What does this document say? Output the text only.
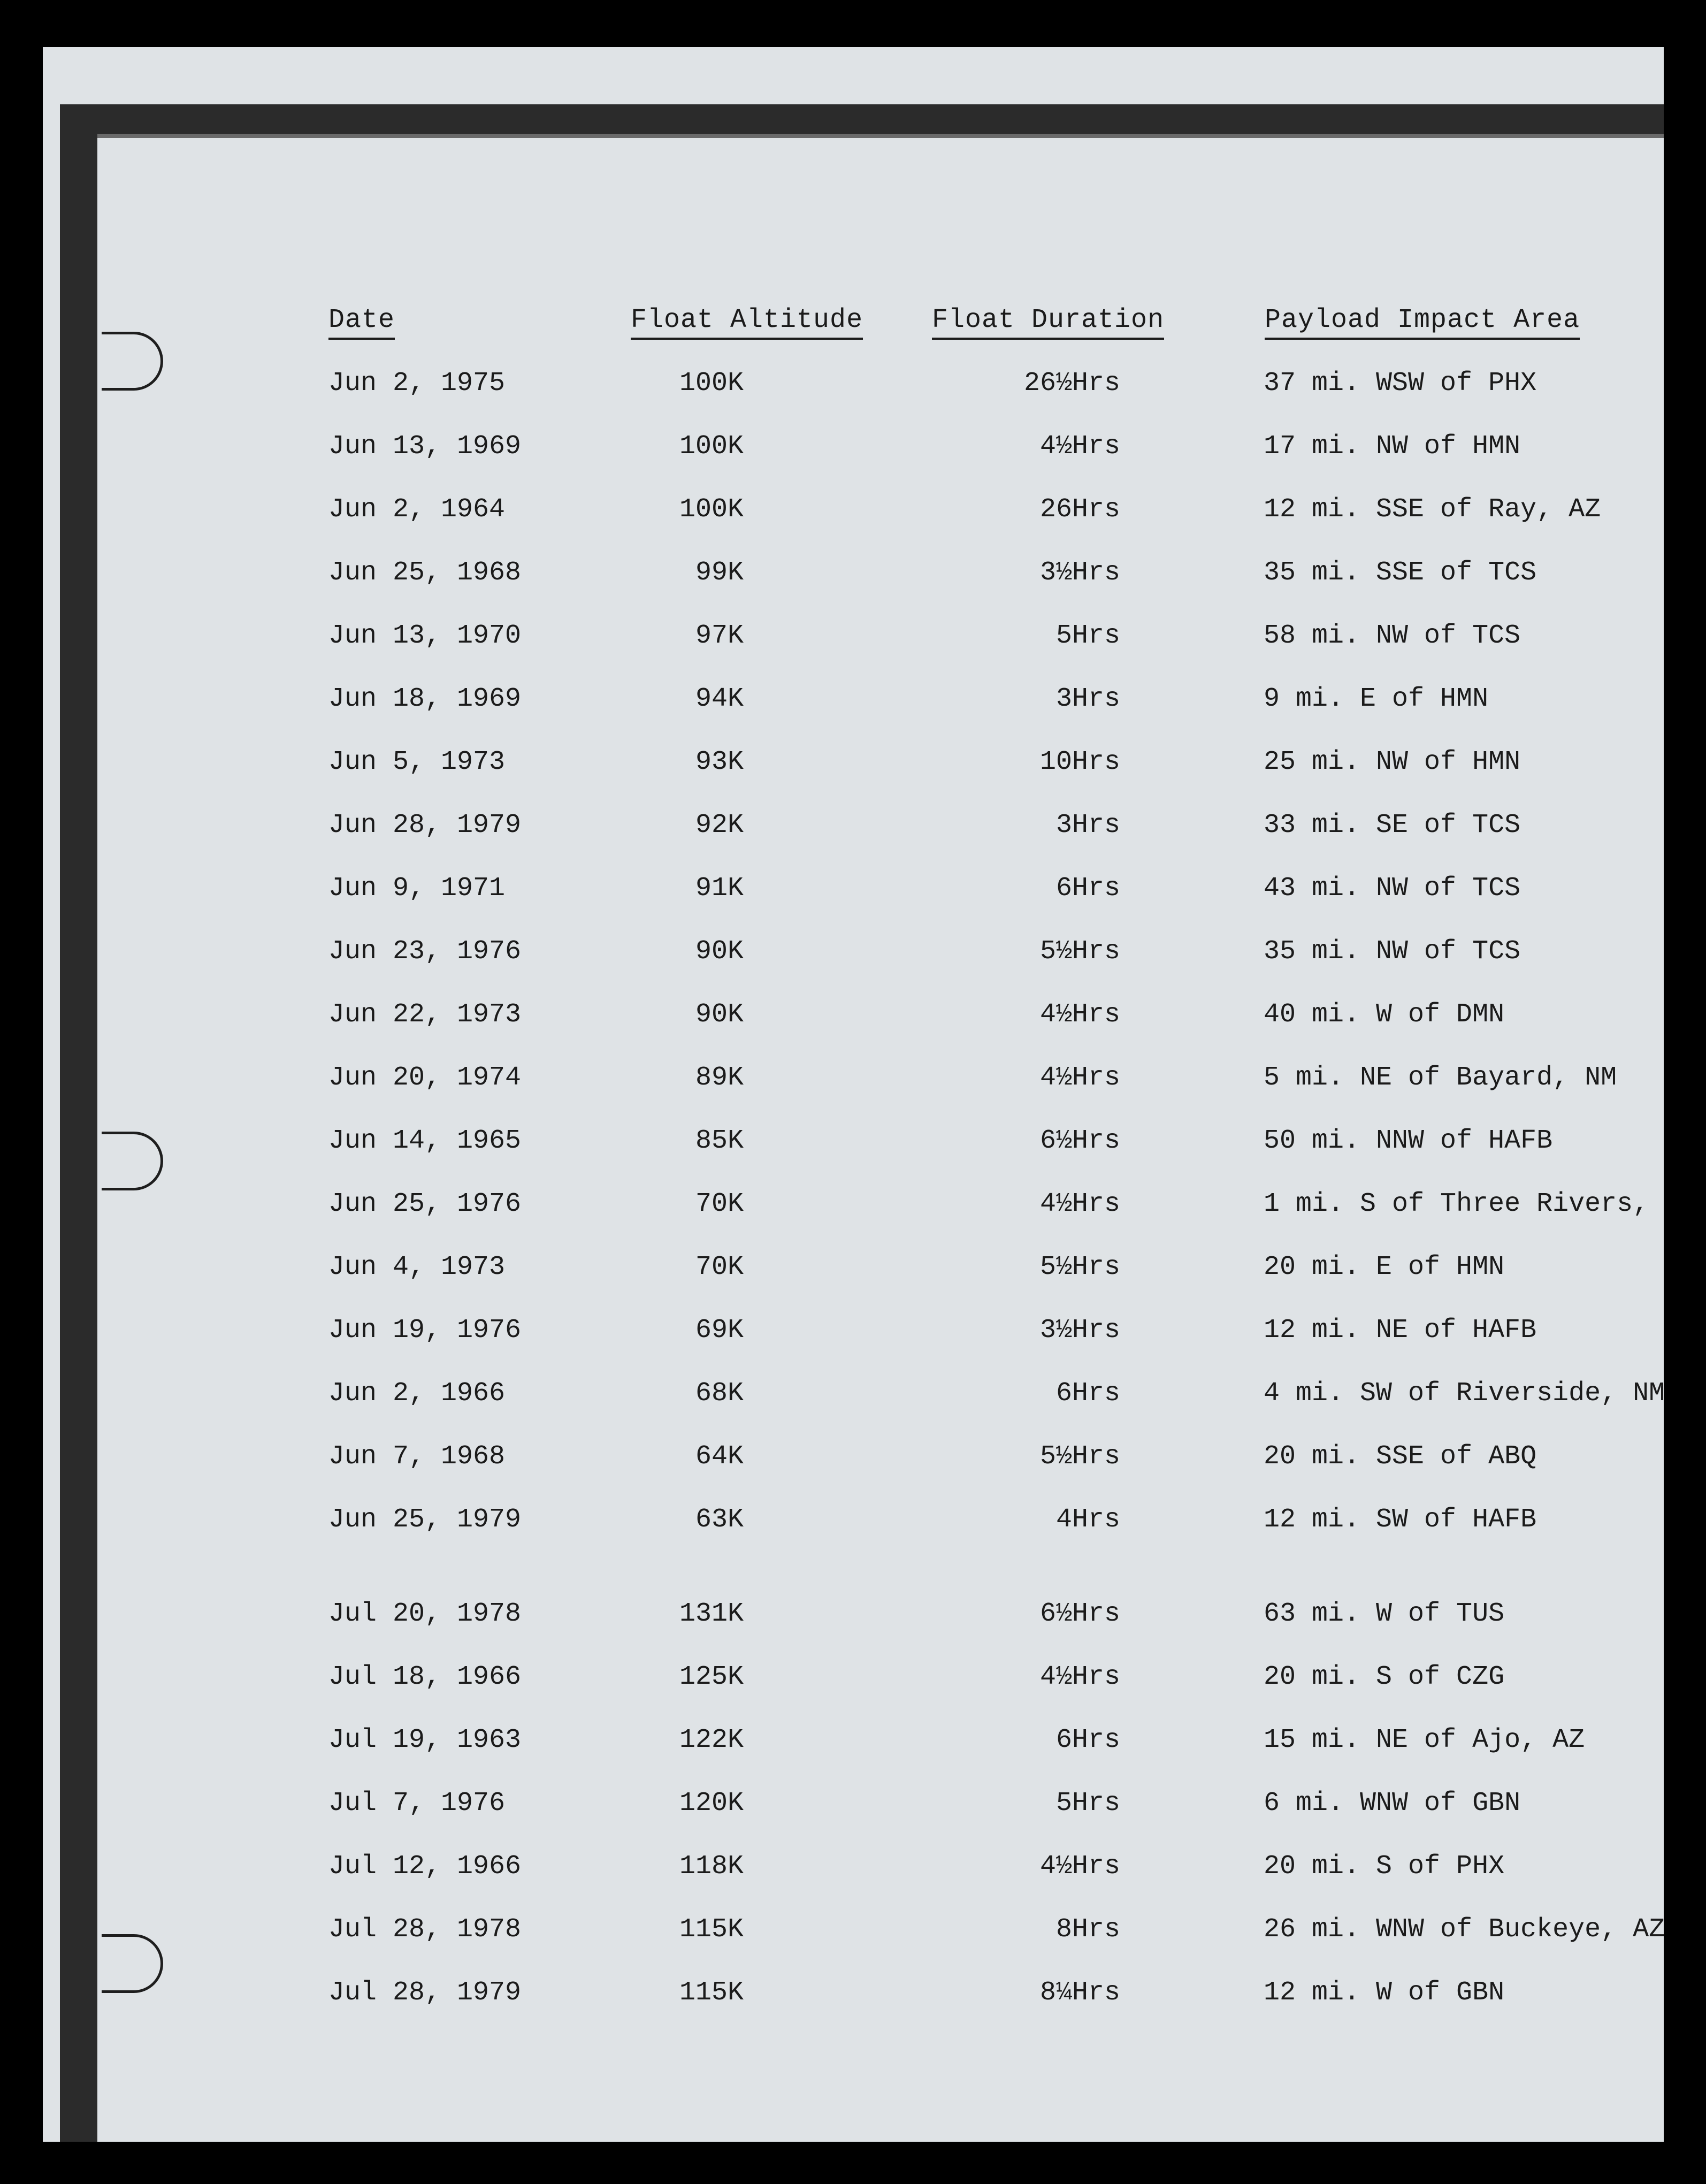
Date	Float Altitude	Float Duration	Payload Impact Area
Jun 2, 1975	100K	26½Hrs	37 mi. WSW of PHX
Jun 13, 1969	100K	4½Hrs	17 mi. NW of HMN
Jun 2, 1964	100K	26Hrs	12 mi. SSE of Ray, AZ
Jun 25, 1968	99K	3½Hrs	35 mi. SSE of TCS
Jun 13, 1970	97K	5Hrs	58 mi. NW of TCS
Jun 18, 1969	94K	3Hrs	9 mi. E of HMN
Jun 5, 1973	93K	10Hrs	25 mi. NW of HMN
Jun 28, 1979	92K	3Hrs	33 mi. SE of TCS
Jun 9, 1971	91K	6Hrs	43 mi. NW of TCS
Jun 23, 1976	90K	5½Hrs	35 mi. NW of TCS
Jun 22, 1973	90K	4½Hrs	40 mi. W of DMN
Jun 20, 1974	89K	4½Hrs	5 mi. NE of Bayard, NM
Jun 14, 1965	85K	6½Hrs	50 mi. NNW of HAFB
Jun 25, 1976	70K	4½Hrs	1 mi. S of Three Rivers,
Jun 4, 1973	70K	5½Hrs	20 mi. E of HMN
Jun 19, 1976	69K	3½Hrs	12 mi. NE of HAFB
Jun 2, 1966	68K	6Hrs	4 mi. SW of Riverside, NM
Jun 7, 1968	64K	5½Hrs	20 mi. SSE of ABQ
Jun 25, 1979	63K	4Hrs	12 mi. SW of HAFB
Jul 20, 1978	131K	6½Hrs	63 mi. W of TUS
Jul 18, 1966	125K	4½Hrs	20 mi. S of CZG
Jul 19, 1963	122K	6Hrs	15 mi. NE of Ajo, AZ
Jul 7, 1976	120K	5Hrs	6 mi. WNW of GBN
Jul 12, 1966	118K	4½Hrs	20 mi. S of PHX
Jul 28, 1978	115K	8Hrs	26 mi. WNW of Buckeye, AZ
Jul 28, 1979	115K	8¼Hrs	12 mi. W of GBN
